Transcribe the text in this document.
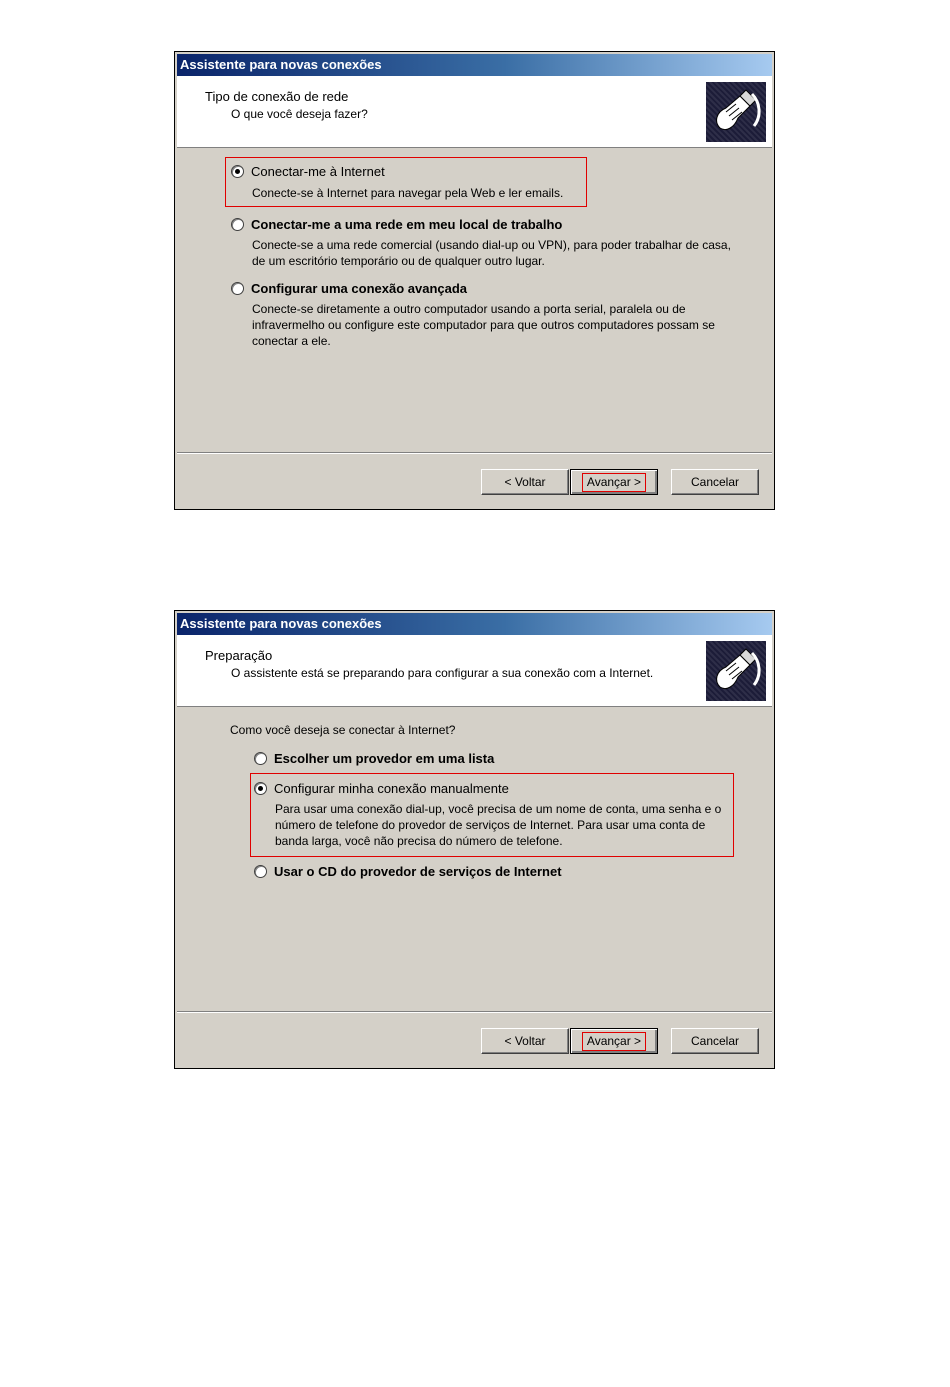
Assistente para novas conexões
Tipo de conexão de rede
O que você deseja fazer?
Conectar-me à Internet
Conecte-se à Internet para navegar pela Web e ler emails.
Conectar-me a uma rede em meu local de trabalho
Conecte-se a uma rede comercial (usando dial-up ou VPN), para poder trabalhar de casa, de um escritório temporário ou de qualquer outro lugar.
Configurar uma conexão avançada
Conecte-se diretamente a outro computador usando a porta serial, paralela ou de infravermelho ou configure este computador para que outros computadores possam se conectar a ele.
< Voltar	Avançar >	Cancelar
Assistente para novas conexões
Preparação
O assistente está se preparando para configurar a sua conexão com a Internet.
Como você deseja se conectar à Internet?
Escolher um provedor em uma lista
Configurar minha conexão manualmente
Para usar uma conexão dial-up, você precisa de um nome de conta, uma senha e o número de telefone do provedor de serviços de Internet. Para usar uma conta de banda larga, você não precisa do número de telefone.
Usar o CD do provedor de serviços de Internet
< Voltar	Avançar >	Cancelar
